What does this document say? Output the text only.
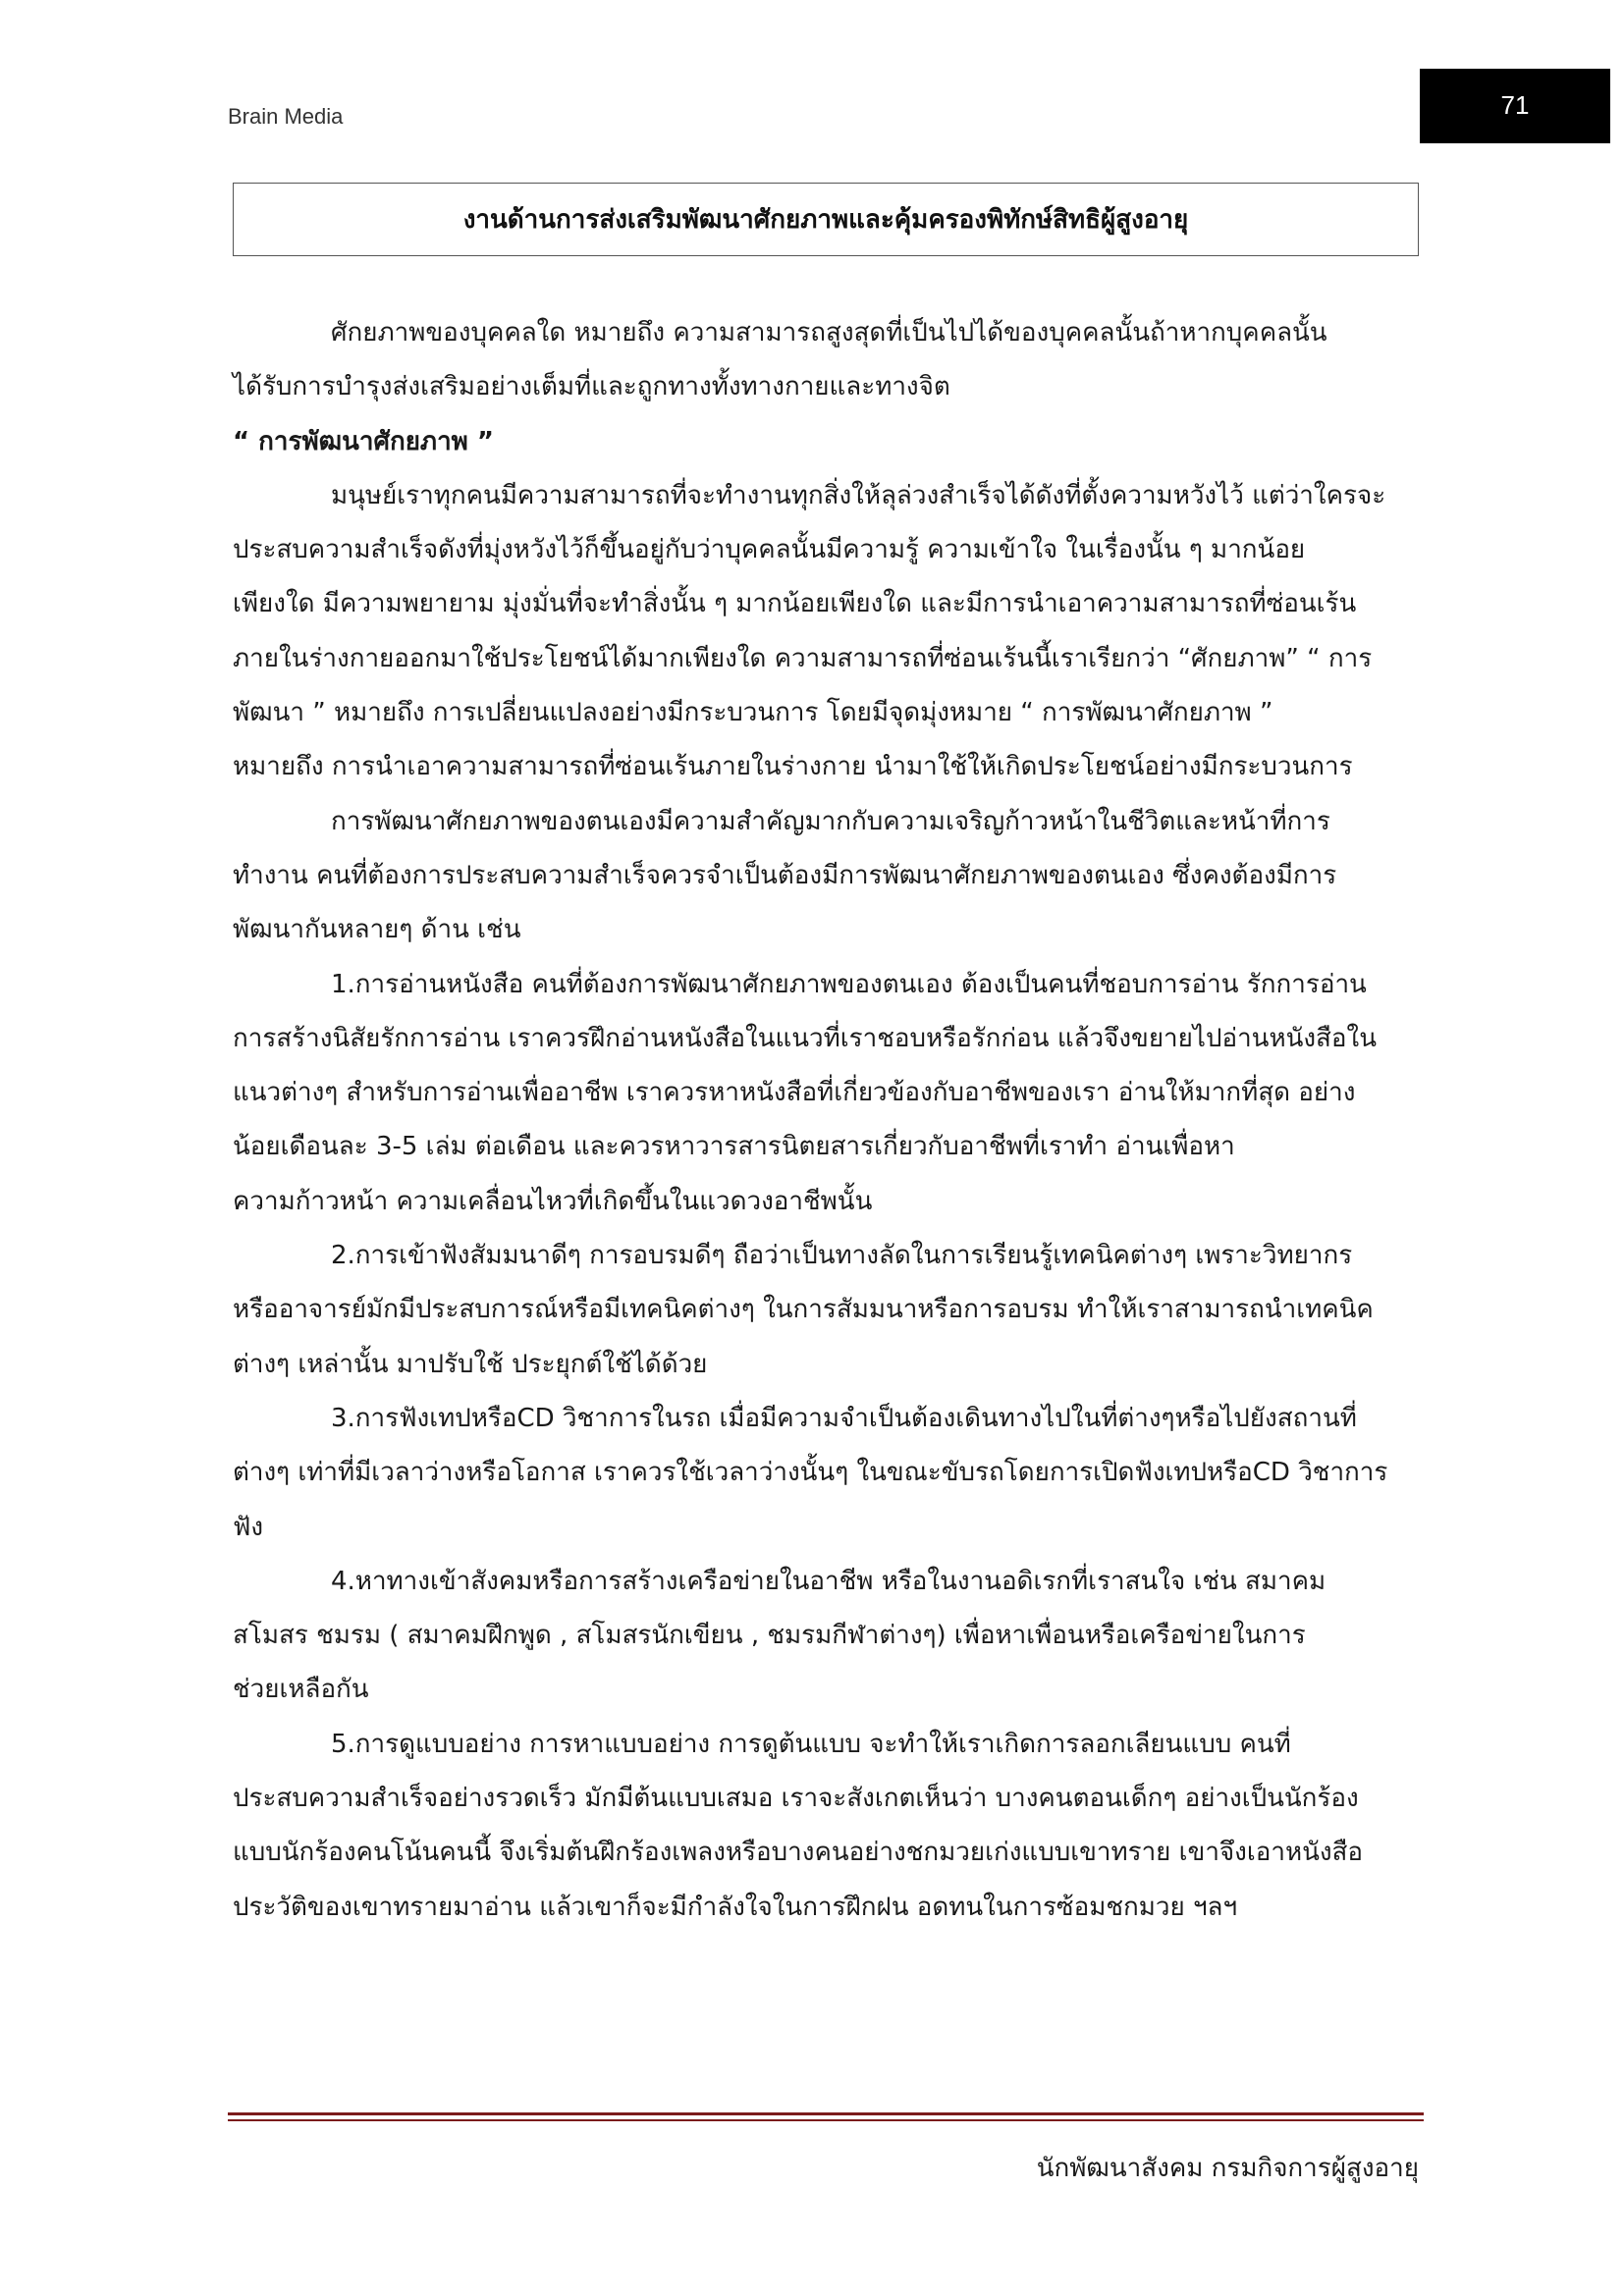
Brain Media	71
งานด้านการส่งเสริมพัฒนาศักยภาพและคุ้มครองพิทักษ์สิทธิผู้สูงอายุ
ศักยภาพของบุคคลใด หมายถึง ความสามารถสูงสุดที่เป็นไปได้ของบุคคลนั้นถ้าหากบุคคลนั้น
ได้รับการบำรุงส่งเสริมอย่างเต็มที่และถูกทางทั้งทางกายและทางจิต
“ การพัฒนาศักยภาพ ”
มนุษย์เราทุกคนมีความสามารถที่จะทำงานทุกสิ่งให้ลุล่วงสำเร็จได้ดังที่ตั้งความหวังไว้ แต่ว่าใครจะ
ประสบความสำเร็จดังที่มุ่งหวังไว้ก็ขึ้นอยู่กับว่าบุคคลนั้นมีความรู้ ความเข้าใจ ในเรื่องนั้น ๆ มากน้อย
เพียงใด มีความพยายาม มุ่งมั่นที่จะทำสิ่งนั้น ๆ มากน้อยเพียงใด และมีการนำเอาความสามารถที่ซ่อนเร้น
ภายในร่างกายออกมาใช้ประโยชน์ได้มากเพียงใด ความสามารถที่ซ่อนเร้นนี้เราเรียกว่า “ศักยภาพ” “ การ
พัฒนา ” หมายถึง การเปลี่ยนแปลงอย่างมีกระบวนการ โดยมีจุดมุ่งหมาย “ การพัฒนาศักยภาพ ”
หมายถึง การนำเอาความสามารถที่ซ่อนเร้นภายในร่างกาย นำมาใช้ให้เกิดประโยชน์อย่างมีกระบวนการ
การพัฒนาศักยภาพของตนเองมีความสำคัญมากกับความเจริญก้าวหน้าในชีวิตและหน้าที่การ
ทำงาน คนที่ต้องการประสบความสำเร็จควรจำเป็นต้องมีการพัฒนาศักยภาพของตนเอง ซึ่งคงต้องมีการ
พัฒนากันหลายๆ ด้าน เช่น
1.การอ่านหนังสือ คนที่ต้องการพัฒนาศักยภาพของตนเอง ต้องเป็นคนที่ชอบการอ่าน รักการอ่าน
การสร้างนิสัยรักการอ่าน เราควรฝึกอ่านหนังสือในแนวที่เราชอบหรือรักก่อน แล้วจึงขยายไปอ่านหนังสือใน
แนวต่างๆ สำหรับการอ่านเพื่ออาชีพ เราควรหาหนังสือที่เกี่ยวข้องกับอาชีพของเรา อ่านให้มากที่สุด อย่าง
น้อยเดือนละ 3-5 เล่ม ต่อเดือน และควรหาวารสารนิตยสารเกี่ยวกับอาชีพที่เราทำ อ่านเพื่อหา
ความก้าวหน้า ความเคลื่อนไหวที่เกิดขึ้นในแวดวงอาชีพนั้น
2.การเข้าฟังสัมมนาดีๆ การอบรมดีๆ ถือว่าเป็นทางลัดในการเรียนรู้เทคนิคต่างๆ เพราะวิทยากร
หรืออาจารย์มักมีประสบการณ์หรือมีเทคนิคต่างๆ ในการสัมมนาหรือการอบรม ทำให้เราสามารถนำเทคนิค
ต่างๆ เหล่านั้น มาปรับใช้ ประยุกต์ใช้ได้ด้วย
3.การฟังเทปหรือCD วิชาการในรถ เมื่อมีความจำเป็นต้องเดินทางไปในที่ต่างๆหรือไปยังสถานที่
ต่างๆ เท่าที่มีเวลาว่างหรือโอกาส เราควรใช้เวลาว่างนั้นๆ ในขณะขับรถโดยการเปิดฟังเทปหรือCD วิชาการ
ฟัง
4.หาทางเข้าสังคมหรือการสร้างเครือข่ายในอาชีพ หรือในงานอดิเรกที่เราสนใจ เช่น สมาคม
สโมสร ชมรม ( สมาคมฝึกพูด , สโมสรนักเขียน , ชมรมกีฬาต่างๆ) เพื่อหาเพื่อนหรือเครือข่ายในการ
ช่วยเหลือกัน
5.การดูแบบอย่าง การหาแบบอย่าง การดูต้นแบบ จะทำให้เราเกิดการลอกเลียนแบบ คนที่
ประสบความสำเร็จอย่างรวดเร็ว มักมีต้นแบบเสมอ เราจะสังเกตเห็นว่า บางคนตอนเด็กๆ อย่างเป็นนักร้อง
แบบนักร้องคนโน้นคนนี้ จึงเริ่มต้นฝึกร้องเพลงหรือบางคนอย่างชกมวยเก่งแบบเขาทราย เขาจึงเอาหนังสือ
ประวัติของเขาทรายมาอ่าน แล้วเขาก็จะมีกำลังใจในการฝึกฝน อดทนในการซ้อมชกมวย ฯลฯ
นักพัฒนาสังคม กรมกิจการผู้สูงอายุ
